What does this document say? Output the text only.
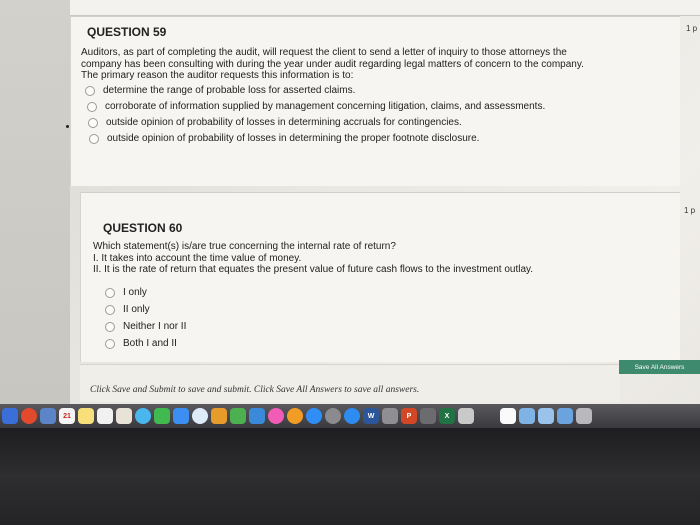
QUESTION 59
Auditors, as part of completing the audit, will request the client to send a letter of inquiry to those attorneys the
company has been consulting with during the year under audit regarding legal matters of concern to the company.
The primary reason the auditor requests this information is to:
determine the range of probable loss for asserted claims.
corroborate of information supplied by management concerning litigation, claims, and assessments.
outside opinion of probability of losses in determining accruals for contingencies.
outside opinion of probability of losses in determining the proper footnote disclosure.
1 p
QUESTION 60
Which statement(s) is/are true concerning the internal rate of return?
I. It takes into account the time value of money.
II. It is the rate of return that equates the present value of future cash flows to the investment outlay.
I only
II only
Neither I nor II
Both I and II
1 p
Click Save and Submit to save and submit. Click Save All Answers to save all answers.
Save All Answers
21	W	P	X
